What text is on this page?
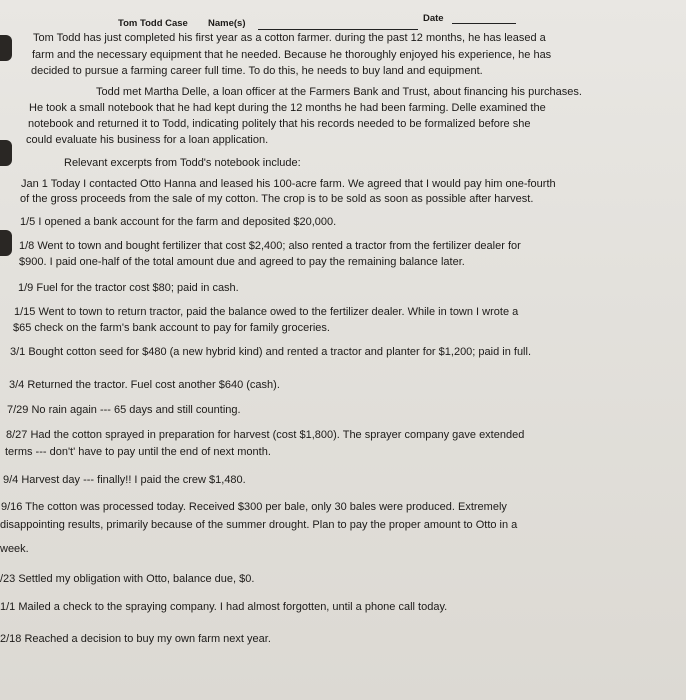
Tom Todd Case Name(s)	Date
Tom Todd has just completed his first year as a cotton farmer. during the past 12 months, he has leased a
farm and the necessary equipment that he needed. Because he thoroughly enjoyed his experience, he has
decided to pursue a farming career full time. To do this, he needs to buy land and equipment.
Todd met Martha Delle, a loan officer at the Farmers Bank and Trust, about financing his purchases.
He took a small notebook that he had kept during the 12 months he had been farming. Delle examined the
notebook and returned it to Todd, indicating politely that his records needed to be formalized before she
could evaluate his business for a loan application.
Relevant excerpts from Todd's notebook include:
Jan 1 Today I contacted Otto Hanna and leased his 100-acre farm. We agreed that I would pay him one-fourth
of the gross proceeds from the sale of my cotton. The crop is to be sold as soon as possible after harvest.
1/5 I opened a bank account for the farm and deposited $20,000.
1/8 Went to town and bought fertilizer that cost $2,400; also rented a tractor from the fertilizer dealer for
$900. I paid one-half of the total amount due and agreed to pay the remaining balance later.
1/9 Fuel for the tractor cost $80; paid in cash.
1/15 Went to town to return tractor, paid the balance owed to the fertilizer dealer. While in town I wrote a
$65 check on the farm's bank account to pay for family groceries.
3/1 Bought cotton seed for $480 (a new hybrid kind) and rented a tractor and planter for $1,200; paid in full.
3/4 Returned the tractor. Fuel cost another $640 (cash).
7/29 No rain again --- 65 days and still counting.
8/27 Had the cotton sprayed in preparation for harvest (cost $1,800). The sprayer company gave extended
terms --- don't' have to pay until the end of next month.
9/4 Harvest day --- finally!! I paid the crew $1,480.
9/16 The cotton was processed today. Received $300 per bale, only 30 bales were produced. Extremely
disappointing results, primarily because of the summer drought. Plan to pay the proper amount to Otto in a
week.
/23 Settled my obligation with Otto, balance due, $0.
1/1 Mailed a check to the spraying company. I had almost forgotten, until a phone call today.
2/18 Reached a decision to buy my own farm next year.
